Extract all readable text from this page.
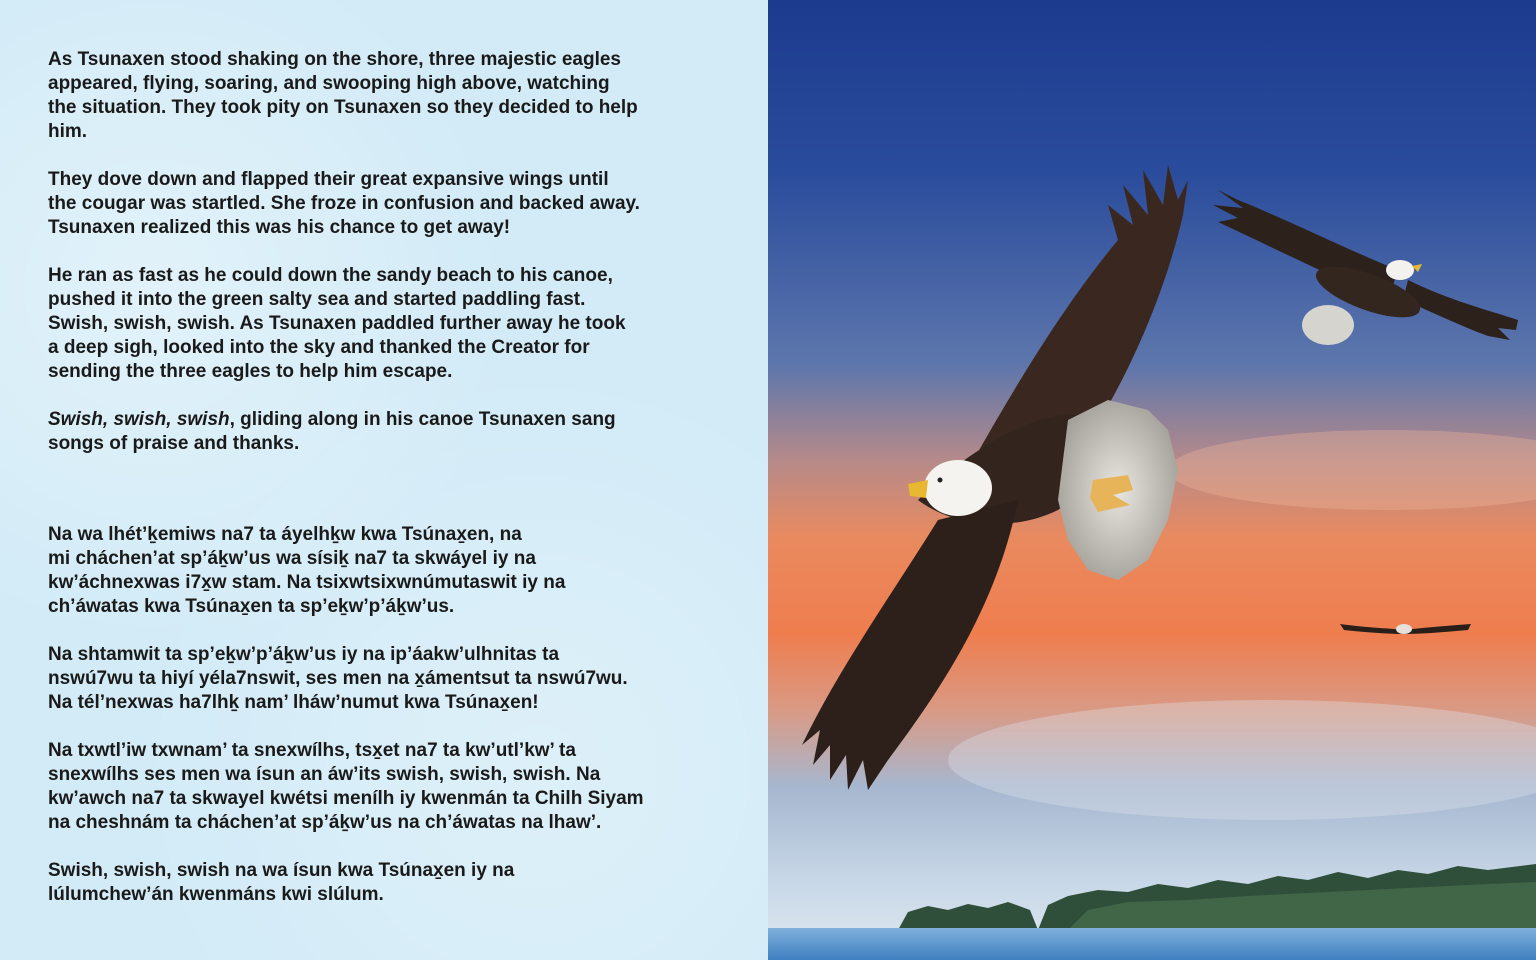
As Tsunaxen stood shaking on the shore, three majestic eagles
appeared, flying, soaring, and swooping high above, watching
the situation. They took pity on Tsunaxen so they decided to help
him.

They dove down and flapped their great expansive wings until
the cougar was startled. She froze in confusion and backed away.
Tsunaxen realized this was his chance to get away!

He ran as fast as he could down the sandy beach to his canoe,
pushed it into the green salty sea and started paddling fast.
Swish, swish, swish. As Tsunaxen paddled further away he took
a deep sigh, looked into the sky and thanked the Creator for
sending the three eagles to help him escape.

Swish, swish, swish, gliding along in his canoe Tsunaxen sang
songs of praise and thanks.

Na wa lhét’ḵemiws na7 ta áyelhḵw kwa Tsúnax̱en, na
mi cháchen’at sp’áḵw’us wa sísiḵ na7 ta skwáyel iy na
kw’áchnexwas i7x̱w stam. Na tsixwtsixwnúmutaswit iy na
ch’áwatas kwa Tsúnax̱en ta sp’eḵw’p’áḵw’us.

Na shtamwit ta sp’eḵw’p’áḵw’us iy na ip’áakw’ulhnitas ta
nswú7wu ta hiyí yéla7nswit, ses men na x̱ámentsut ta nswú7wu.
Na tél’nexwas ha7lhḵ nam’ lháw’numut kwa Tsúnax̱en!

Na txwtl’iw txwnam’ ta snexwílhs, tsx̱et na7 ta kw’utl’kw’ ta
snexwílhs ses men wa ísun an áw’its swish, swish, swish. Na
kw’awch na7 ta skwayel kwétsi menílh iy kwenmán ta Chilh Siyam
na cheshnám ta cháchen’at sp’áḵw’us na ch’áwatas na lhaw’.

Swish, swish, swish na wa ísun kwa Tsúnax̱en iy na
lúlumchew’án kwenmáns kwi slúlum.
